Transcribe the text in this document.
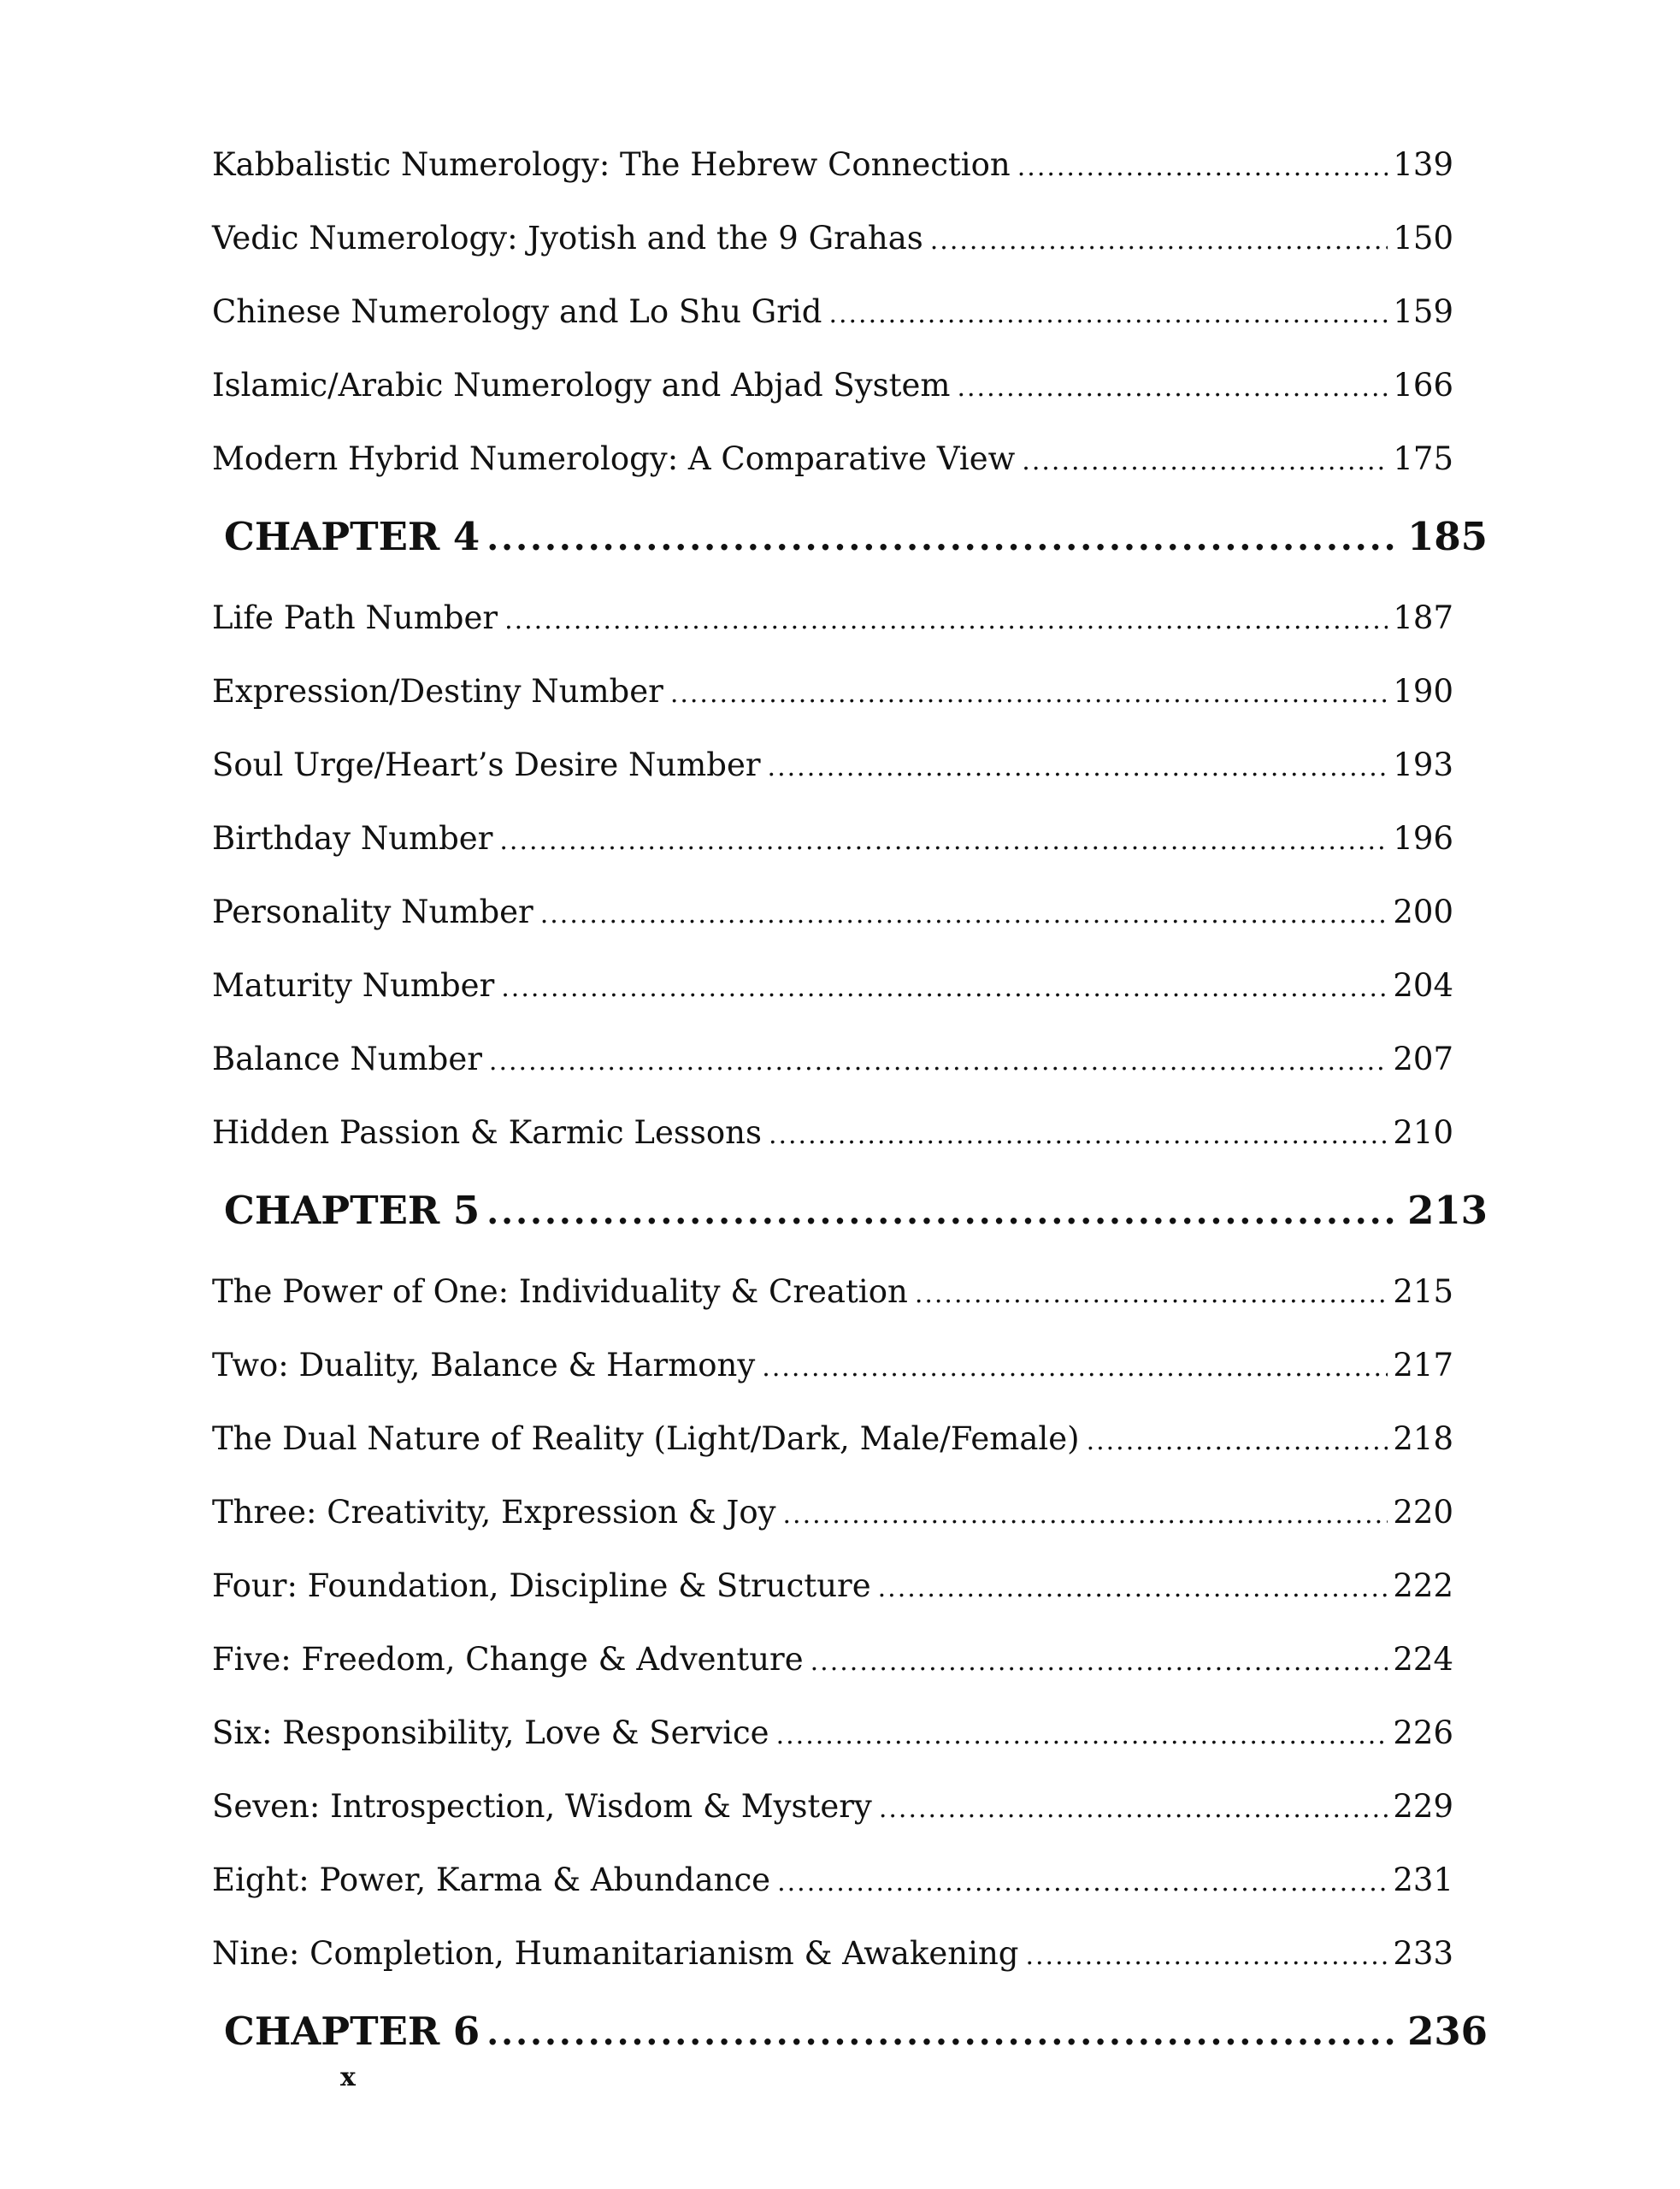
Kabbalistic Numerology: The Hebrew Connection .....	139
Vedic Numerology: Jyotish and the 9 Grahas .....	150
Chinese Numerology and Lo Shu Grid .....	159
Islamic/Arabic Numerology and Abjad System .....	166
Modern Hybrid Numerology: A Comparative View .....	175
CHAPTER 4 .....	185
Life Path Number .....	187
Expression/Destiny Number .....	190
Soul Urge/Heart’s Desire Number .....	193
Birthday Number .....	196
Personality Number .....	200
Maturity Number .....	204
Balance Number .....	207
Hidden Passion & Karmic Lessons .....	210
CHAPTER 5 .....	213
The Power of One: Individuality & Creation .....	215
Two: Duality, Balance & Harmony .....	217
The Dual Nature of Reality (Light/Dark, Male/Female) .....	218
Three: Creativity, Expression & Joy .....	220
Four: Foundation, Discipline & Structure .....	222
Five: Freedom, Change & Adventure .....	224
Six: Responsibility, Love & Service .....	226
Seven: Introspection, Wisdom & Mystery .....	229
Eight: Power, Karma & Abundance .....	231
Nine: Completion, Humanitarianism & Awakening .....	233
CHAPTER 6 .....	236
x
